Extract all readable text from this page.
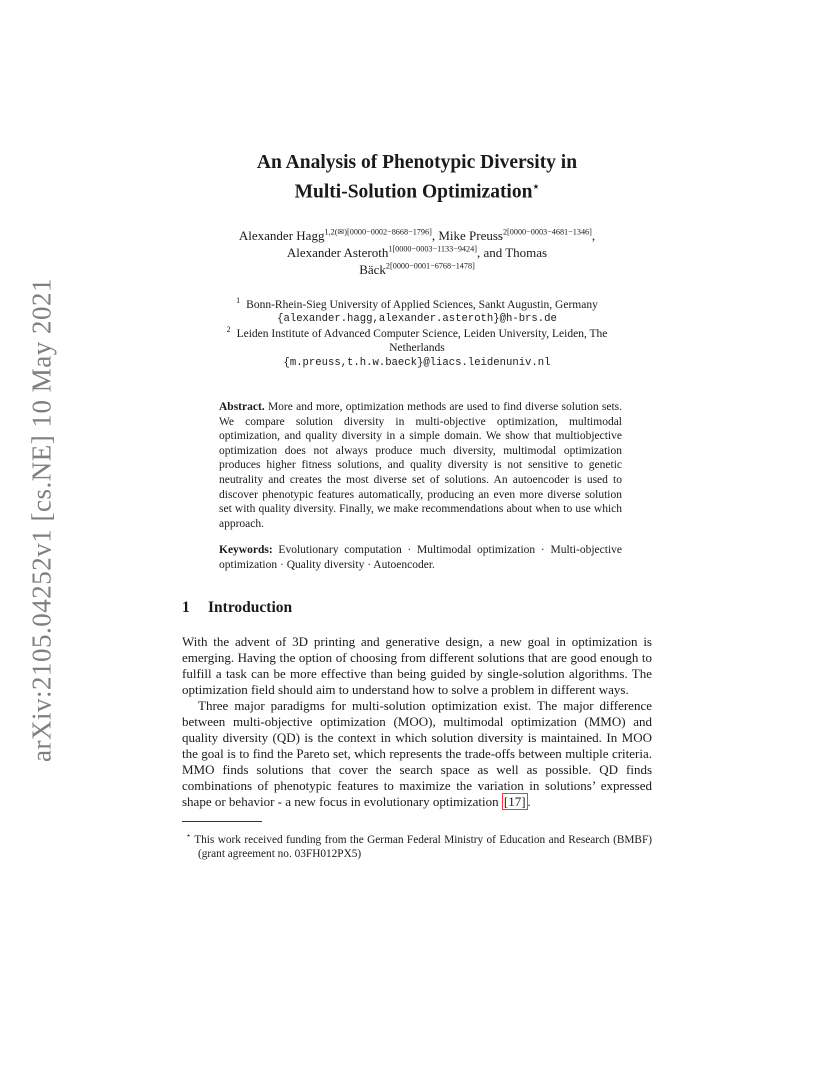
arXiv:2105.04252v1 [cs.NE] 10 May 2021
An Analysis of Phenotypic Diversity in
Multi-Solution Optimization⋆
Alexander Hagg$^{1,2(✉)[0000-0002-8668-1796]}$, Mike Preuss$^{2[0000-0003-4681-1346]}$,
Alexander Asteroth$^{1[0000-0003-1133-9424]}$, and Thomas
Bäck$^{2[0000-0001-6768-1478]}$
$^1$ Bonn-Rhein-Sieg University of Applied Sciences, Sankt Augustin, Germany
{alexander.hagg,alexander.asteroth}@h-brs.de
$^2$ Leiden Institute of Advanced Computer Science, Leiden University, Leiden, The
Netherlands
{m.preuss,t.h.w.baeck}@liacs.leidenuniv.nl
Abstract. More and more, optimization methods are used to find diverse solution sets. We compare solution diversity in multi-objective optimization, multimodal optimization, and quality diversity in a simple domain. We show that multiobjective optimization does not always produce much diversity, multimodal optimization produces higher fitness solutions, and quality diversity is not sensitive to genetic neutrality and creates the most diverse set of solutions. An autoencoder is used to discover phenotypic features automatically, producing an even more diverse solution set with quality diversity. Finally, we make recommendations about when to use which approach.
Keywords: Evolutionary computation · Multimodal optimization · Multi-objective optimization · Quality diversity · Autoencoder.
1 Introduction

With the advent of 3D printing and generative design, a new goal in optimization is emerging. Having the option of choosing from different solutions that are good enough to fulfill a task can be more effective than being guided by single-solution algorithms. The optimization field should aim to understand how to solve a problem in different ways.

Three major paradigms for multi-solution optimization exist. The major difference between multi-objective optimization (MOO), multimodal optimization (MMO) and quality diversity (QD) is the context in which solution diversity is maintained. In MOO the goal is to find the Pareto set, which represents the trade-offs between multiple criteria. MMO finds solutions that cover the search space as well as possible. QD finds combinations of phenotypic features to maximize the variation in solutions’ expressed shape or behavior - a new focus in evolutionary optimization [17] .

⋆ This work received funding from the German Federal Ministry of Education and Research (BMBF) (grant agreement no. 03FH012PX5)
